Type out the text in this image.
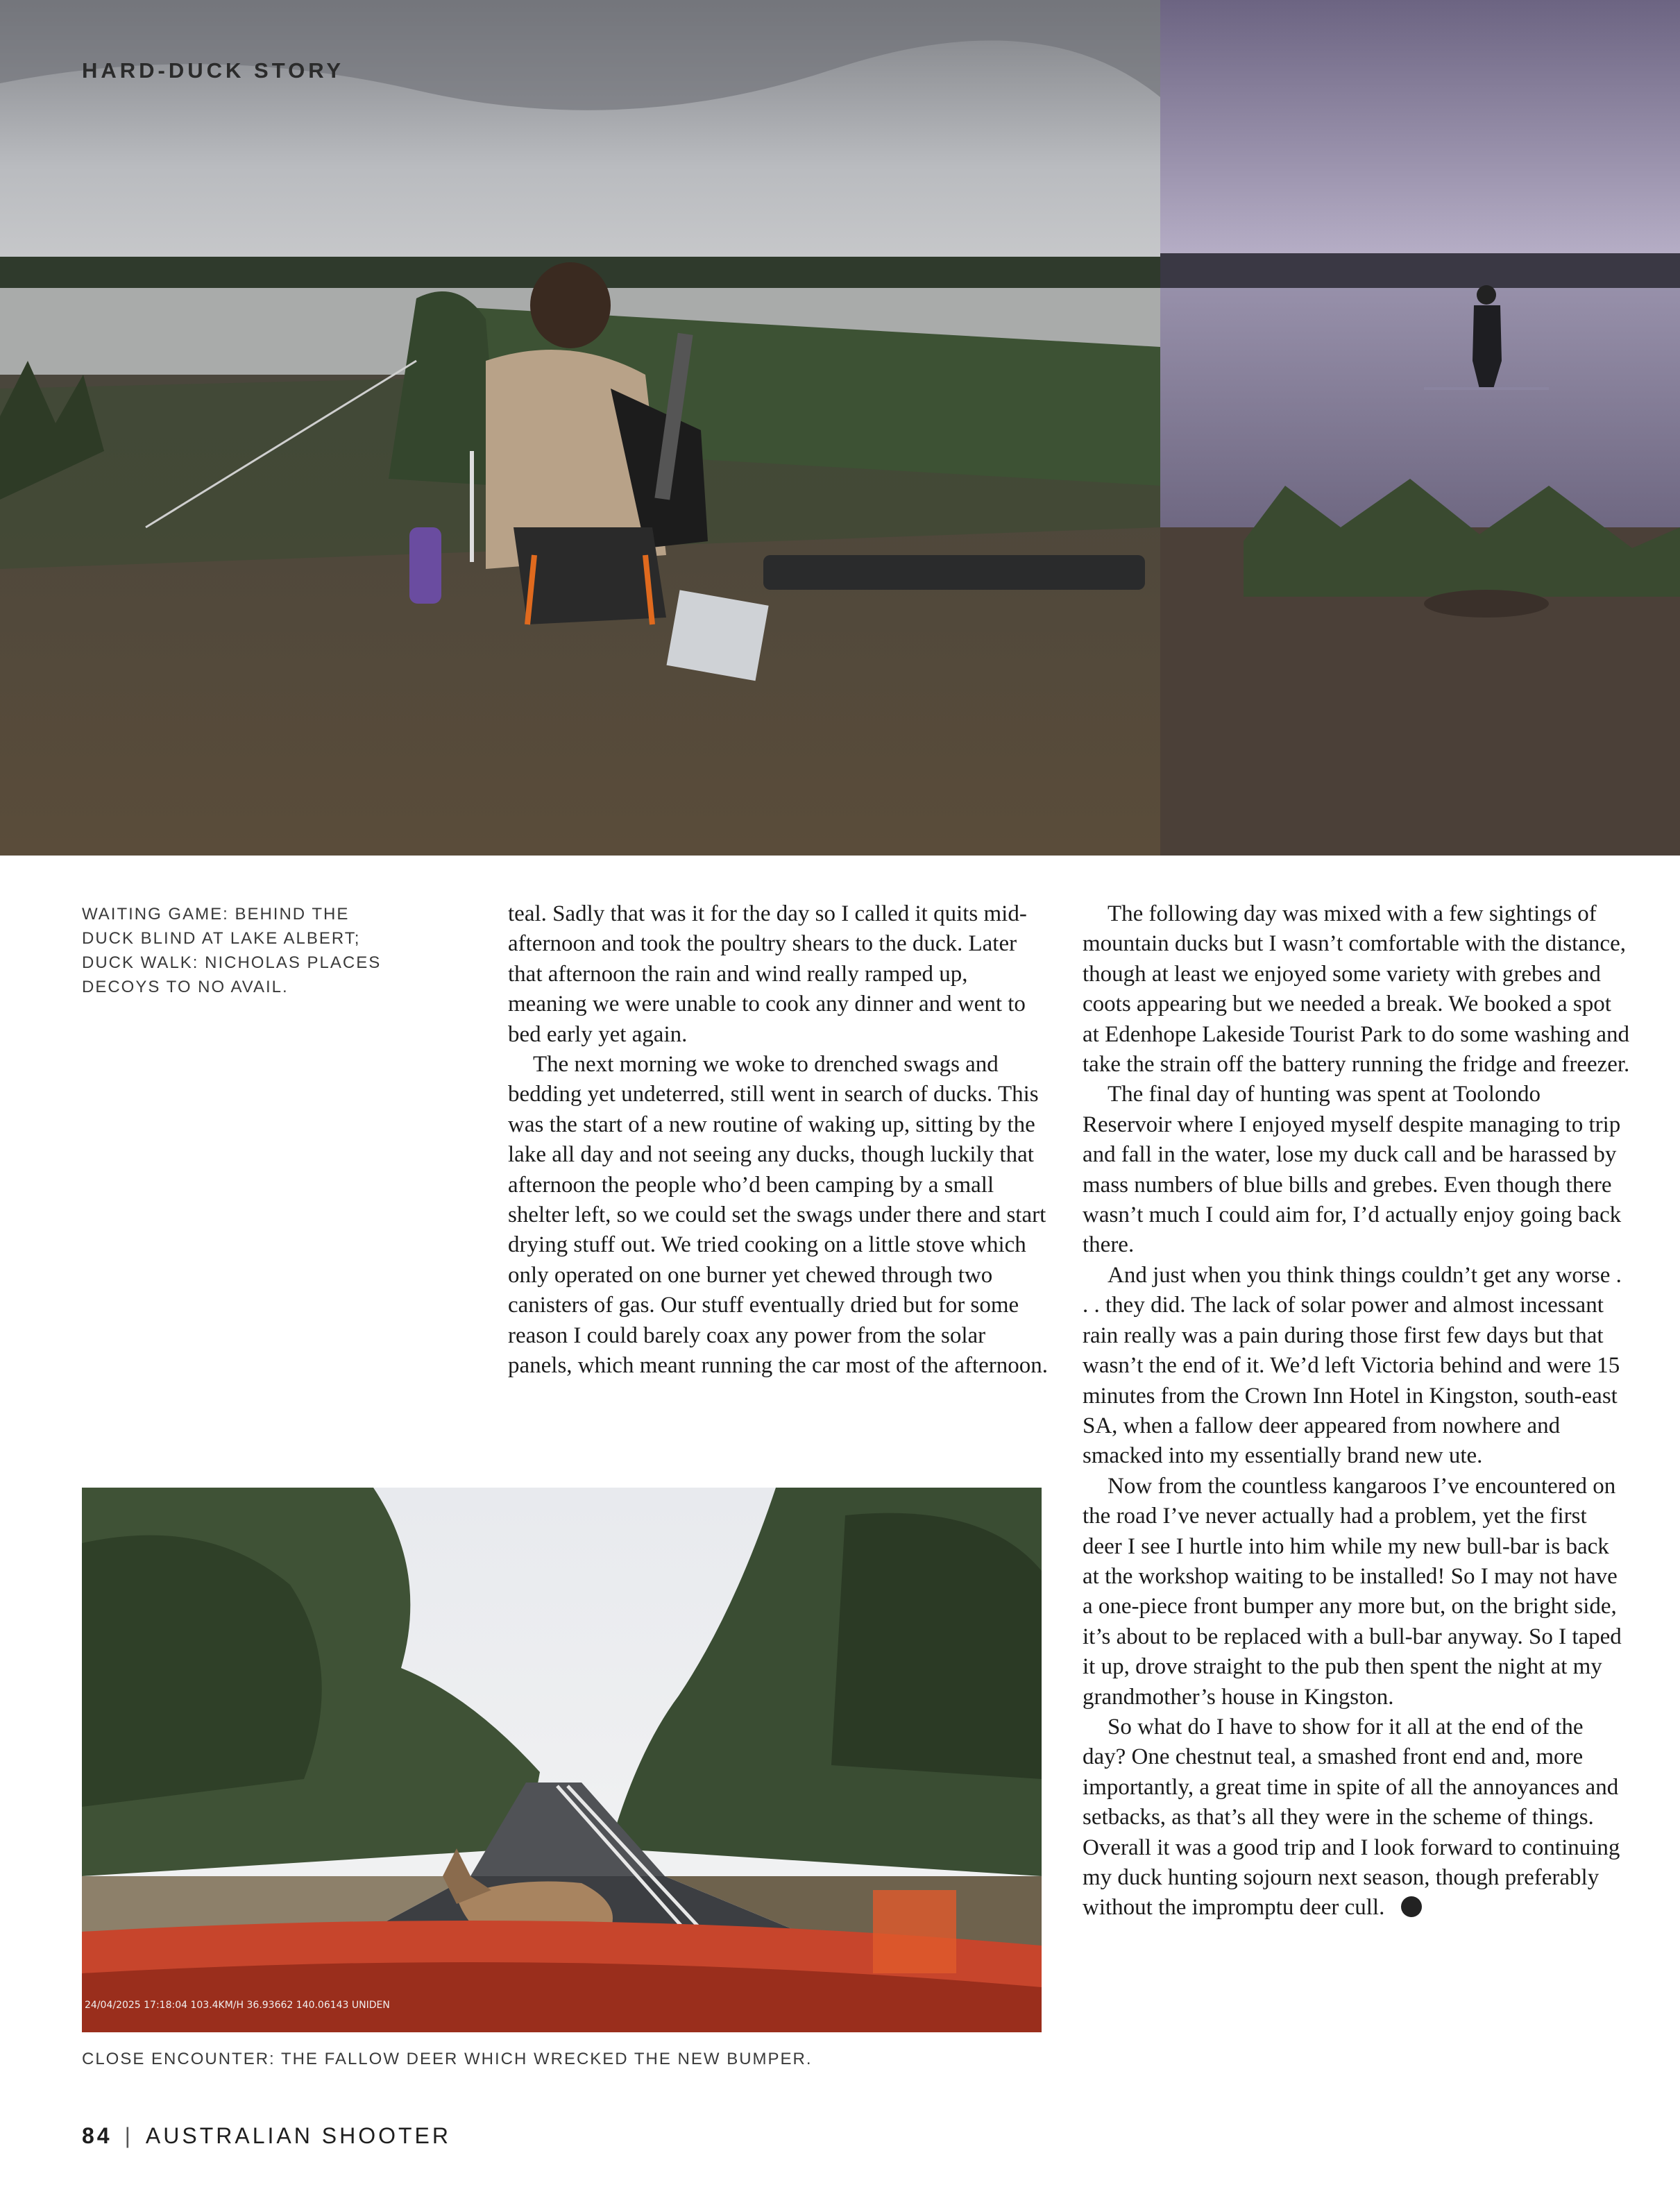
HARD-DUCK STORY
WAITING GAME: BEHIND THE DUCK BLIND AT LAKE ALBERT; DUCK WALK: NICHOLAS PLACES DECOYS TO NO AVAIL.

teal. Sadly that was it for the day so I called it quits mid-afternoon and took the poultry shears to the duck. Later that afternoon the rain and wind really ramped up, meaning we were unable to cook any dinner and went to bed early yet again.

The next morning we woke to drenched swags and bedding yet undeterred, still went in search of ducks. This was the start of a new routine of waking up, sitting by the lake all day and not seeing any ducks, though luckily that afternoon the people who’d been camping by a small shelter left, so we could set the swags under there and start drying stuff out. We tried cooking on a little stove which only operated on one burner yet chewed through two canisters of gas. Our stuff eventually dried but for some reason I could barely coax any power from the solar panels, which meant running the car most of the afternoon.

The following day was mixed with a few sightings of mountain ducks but I wasn’t comfortable with the distance, though at least we enjoyed some variety with grebes and coots appearing but we needed a break. We booked a spot at Edenhope Lakeside Tourist Park to do some washing and take the strain off the battery running the fridge and freezer.

The final day of hunting was spent at Toolondo Reservoir where I enjoyed myself despite managing to trip and fall in the water, lose my duck call and be harassed by mass numbers of blue bills and grebes. Even though there wasn’t much I could aim for, I’d actually enjoy going back there.

And just when you think things couldn’t get any worse . . . they did. The lack of solar power and almost incessant rain really was a pain during those first few days but that wasn’t the end of it. We’d left Victoria behind and were 15 minutes from the Crown Inn Hotel in Kingston, south-east SA, when a fallow deer appeared from nowhere and smacked into my essentially brand new ute.

Now from the countless kangaroos I’ve encountered on the road I’ve never actually had a problem, yet the first deer I see I hurtle into him while my new bull-bar is back at the workshop waiting to be installed! So I may not have a one-piece front bumper any more but, on the bright side, it’s about to be replaced with a bull-bar anyway. So I taped it up, drove straight to the pub then spent the night at my grandmother’s house in Kingston.

So what do I have to show for it all at the end of the day? One chestnut teal, a smashed front end and, more importantly, a great time in spite of all the annoyances and setbacks, as that’s all they were in the scheme of things. Overall it was a good trip and I look forward to continuing my duck hunting sojourn next season, though preferably without the impromptu deer cull.

24/04/2025 17:18:04 103.4KM/H 36.93662 140.06143 UNIDEN
CLOSE ENCOUNTER: THE FALLOW DEER WHICH WRECKED THE NEW BUMPER.
84 | AUSTRALIAN SHOOTER
